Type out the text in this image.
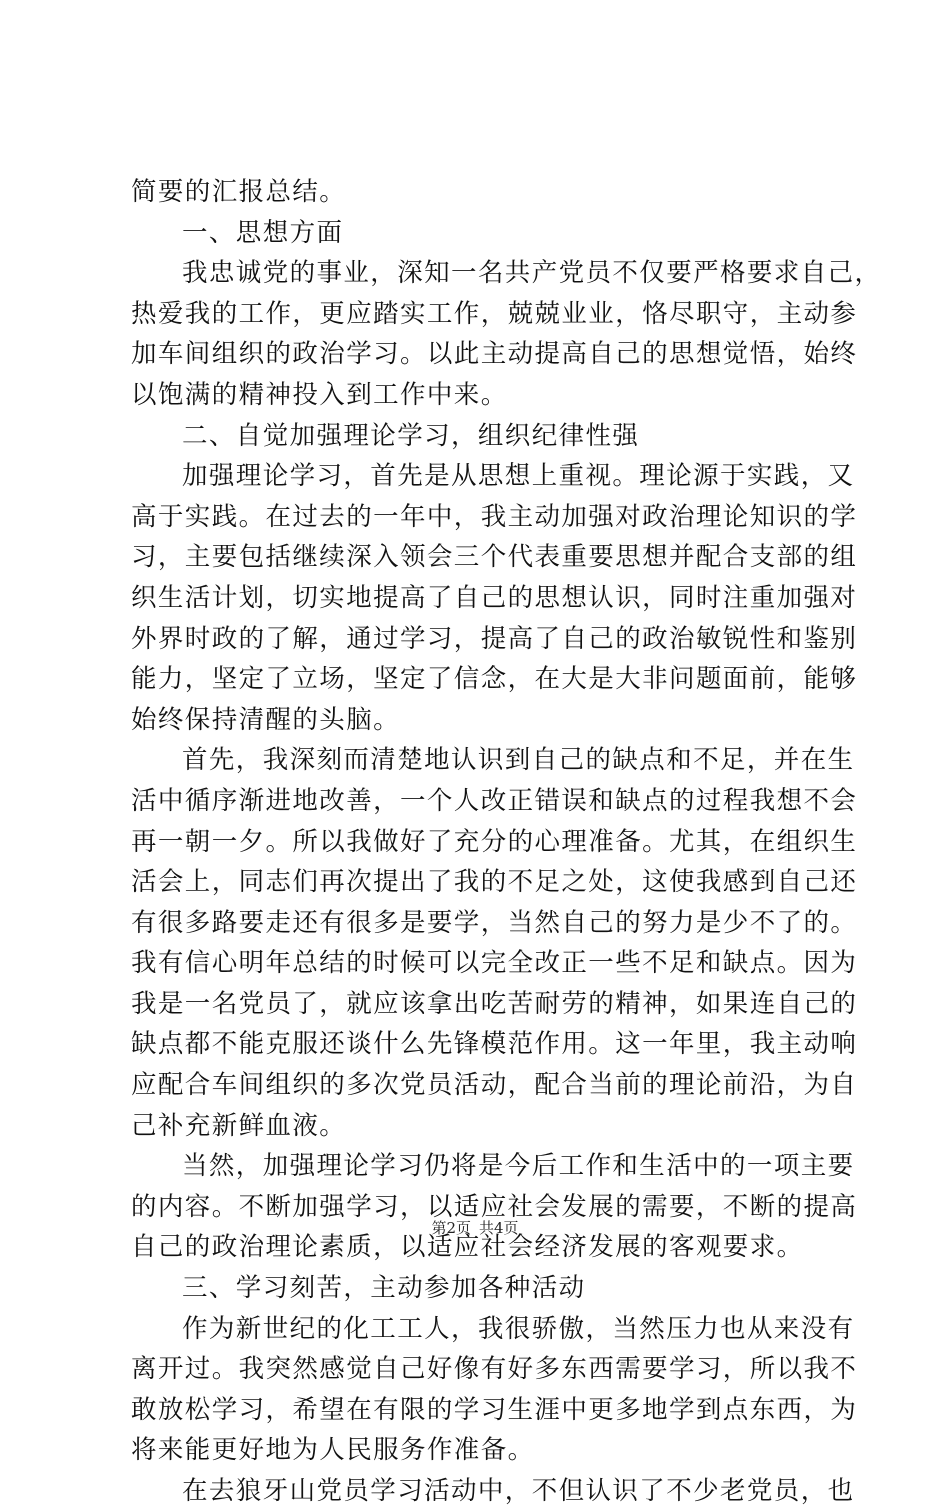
简要的汇报总结。
一、思想方面
我忠诚党的事业，深知一名共产党员不仅要严格要求自己，
热爱我的工作，更应踏实工作，兢兢业业，恪尽职守，主动参
加车间组织的政治学习。以此主动提高自己的思想觉悟，始终
以饱满的精神投入到工作中来。
二、自觉加强理论学习，组织纪律性强
加强理论学习，首先是从思想上重视。理论源于实践，又
高于实践。在过去的一年中，我主动加强对政治理论知识的学
习，主要包括继续深入领会三个代表重要思想并配合支部的组
织生活计划，切实地提高了自己的思想认识，同时注重加强对
外界时政的了解，通过学习，提高了自己的政治敏锐性和鉴别
能力，坚定了立场，坚定了信念，在大是大非问题面前，能够
始终保持清醒的头脑。
首先，我深刻而清楚地认识到自己的缺点和不足，并在生
活中循序渐进地改善，一个人改正错误和缺点的过程我想不会
再一朝一夕。所以我做好了充分的心理准备。尤其，在组织生
活会上，同志们再次提出了我的不足之处，这使我感到自己还
有很多路要走还有很多是要学，当然自己的努力是少不了的。
我有信心明年总结的时候可以完全改正一些不足和缺点。因为
我是一名党员了，就应该拿出吃苦耐劳的精神，如果连自己的
缺点都不能克服还谈什么先锋模范作用。这一年里，我主动响
应配合车间组织的多次党员活动，配合当前的理论前沿，为自
己补充新鲜血液。
当然，加强理论学习仍将是今后工作和生活中的一项主要
的内容。不断加强学习，以适应社会发展的需要，不断的提高
自己的政治理论素质，以适应社会经济发展的客观要求。
三、学习刻苦，主动参加各种活动
作为新世纪的化工工人，我很骄傲，当然压力也从来没有
离开过。我突然感觉自己好像有好多东西需要学习，所以我不
敢放松学习，希望在有限的学习生涯中更多地学到点东西，为
将来能更好地为人民服务作准备。
在去狼牙山党员学习活动中，不但认识了不少老党员，也
第2页 共4页
